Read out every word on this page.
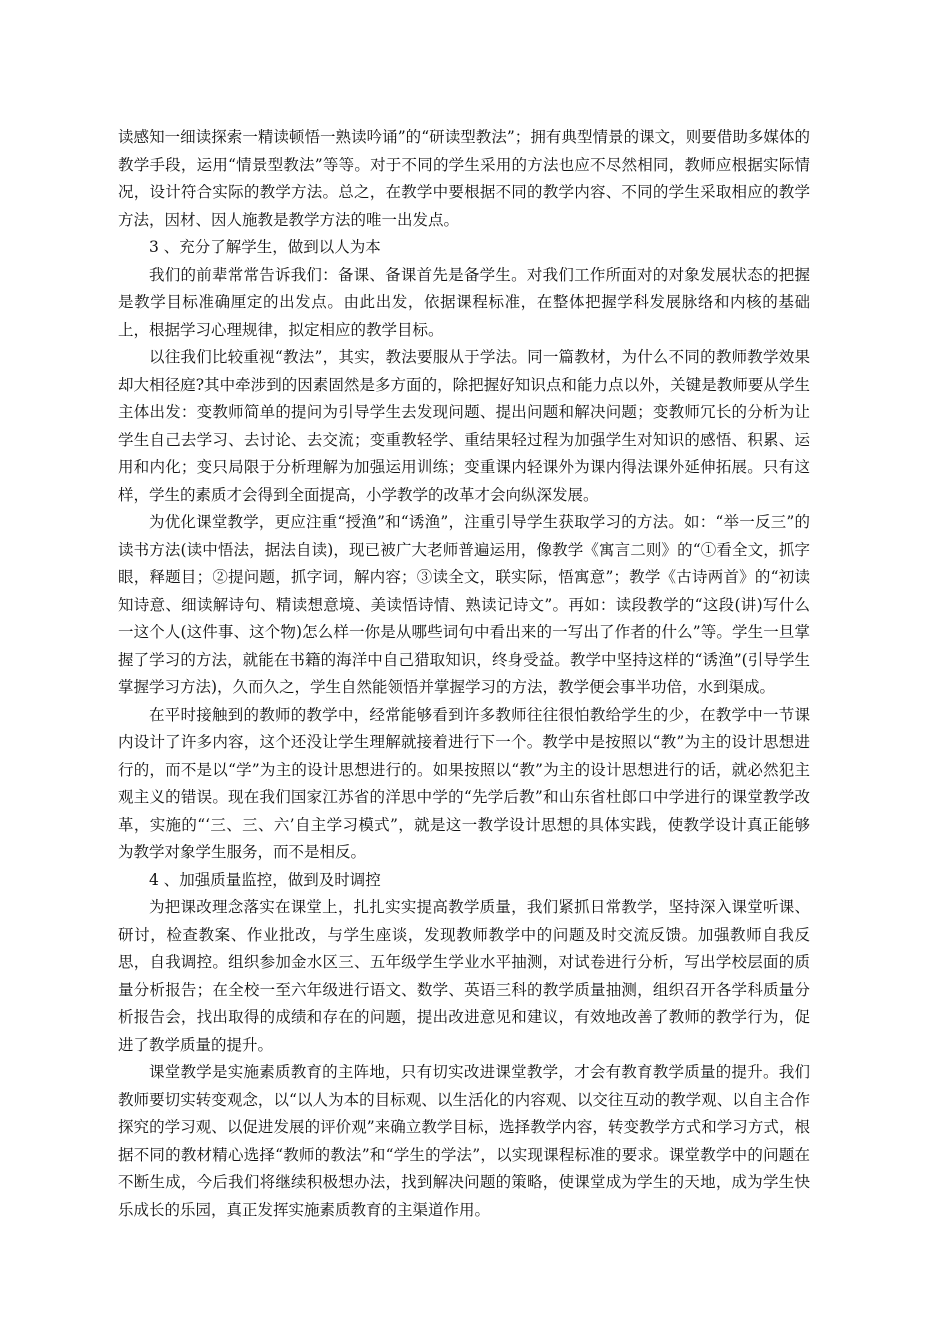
读感知一细读探索一精读顿悟一熟读吟诵”的“研读型教法”；拥有典型情景的课文，则要借助多媒体的教学手段，运用“情景型教法”等等。对于不同的学生采用的方法也应不尽然相同，教师应根据实际情况，设计符合实际的教学方法。总之，在教学中要根据不同的教学内容、不同的学生采取相应的教学方法，因材、因人施教是教学方法的唯一出发点。

3 、充分了解学生，做到以人为本

我们的前辈常常告诉我们：备课、备课首先是备学生。对我们工作所面对的对象发展状态的把握是教学目标准确厘定的出发点。由此出发，依据课程标准，在整体把握学科发展脉络和内核的基础上，根据学习心理规律，拟定相应的教学目标。

以往我们比较重视“教法”，其实，教法要服从于学法。同一篇教材，为什么不同的教师教学效果却大相径庭?其中牵涉到的因素固然是多方面的，除把握好知识点和能力点以外，关键是教师要从学生主体出发：变教师简单的提问为引导学生去发现问题、提出问题和解决问题；变教师冗长的分析为让学生自己去学习、去讨论、去交流；变重教轻学、重结果轻过程为加强学生对知识的感悟、积累、运用和内化；变只局限于分析理解为加强运用训练；变重课内轻课外为课内得法课外延伸拓展。只有这样，学生的素质才会得到全面提高，小学教学的改革才会向纵深发展。

为优化课堂教学，更应注重“授渔”和“诱渔”，注重引导学生获取学习的方法。如：“举一反三”的读书方法(读中悟法，据法自读)，现已被广大老师普遍运用，像教学《寓言二则》的“①看全文，抓字眼，释题目；②提问题，抓字词，解内容；③读全文，联实际，悟寓意”；教学《古诗两首》的“初读知诗意、细读解诗句、精读想意境、美读悟诗情、熟读记诗文”。再如：读段教学的“这段(讲)写什么一这个人(这件事、这个物)怎么样一你是从哪些词句中看出来的一写出了作者的什么”等。学生一旦掌握了学习的方法，就能在书籍的海洋中自己猎取知识，终身受益。教学中坚持这样的“诱渔”(引导学生掌握学习方法)，久而久之，学生自然能领悟并掌握学习的方法，教学便会事半功倍，水到渠成。

在平时接触到的教师的教学中，经常能够看到许多教师往往很怕教给学生的少，在教学中一节课内设计了许多内容，这个还没让学生理解就接着进行下一个。教学中是按照以“教”为主的设计思想进行的，而不是以“学”为主的设计思想进行的。如果按照以“教”为主的设计思想进行的话，就必然犯主观主义的错误。现在我们国家江苏省的洋思中学的“先学后教”和山东省杜郎口中学进行的课堂教学改革，实施的“‘三、三、六’自主学习模式”，就是这一教学设计思想的具体实践，使教学设计真正能够为教学对象学生服务，而不是相反。

4 、加强质量监控，做到及时调控

为把课改理念落实在课堂上，扎扎实实提高教学质量，我们紧抓日常教学，坚持深入课堂听课、研讨，检查教案、作业批改，与学生座谈，发现教师教学中的问题及时交流反馈。加强教师自我反思，自我调控。组织参加金水区三、五年级学生学业水平抽测，对试卷进行分析，写出学校层面的质量分析报告；在全校一至六年级进行语文、数学、英语三科的教学质量抽测，组织召开各学科质量分析报告会，找出取得的成绩和存在的问题，提出改进意见和建议，有效地改善了教师的教学行为，促进了教学质量的提升。

课堂教学是实施素质教育的主阵地，只有切实改进课堂教学，才会有教育教学质量的提升。我们教师要切实转变观念，以“以人为本的目标观、以生活化的内容观、以交往互动的教学观、以自主合作探究的学习观、以促进发展的评价观”来确立教学目标，选择教学内容，转变教学方式和学习方式，根据不同的教材精心选择“教师的教法”和“学生的学法”，以实现课程标准的要求。课堂教学中的问题在不断生成，今后我们将继续积极想办法，找到解决问题的策略，使课堂成为学生的天地，成为学生快乐成长的乐园，真正发挥实施素质教育的主渠道作用。
